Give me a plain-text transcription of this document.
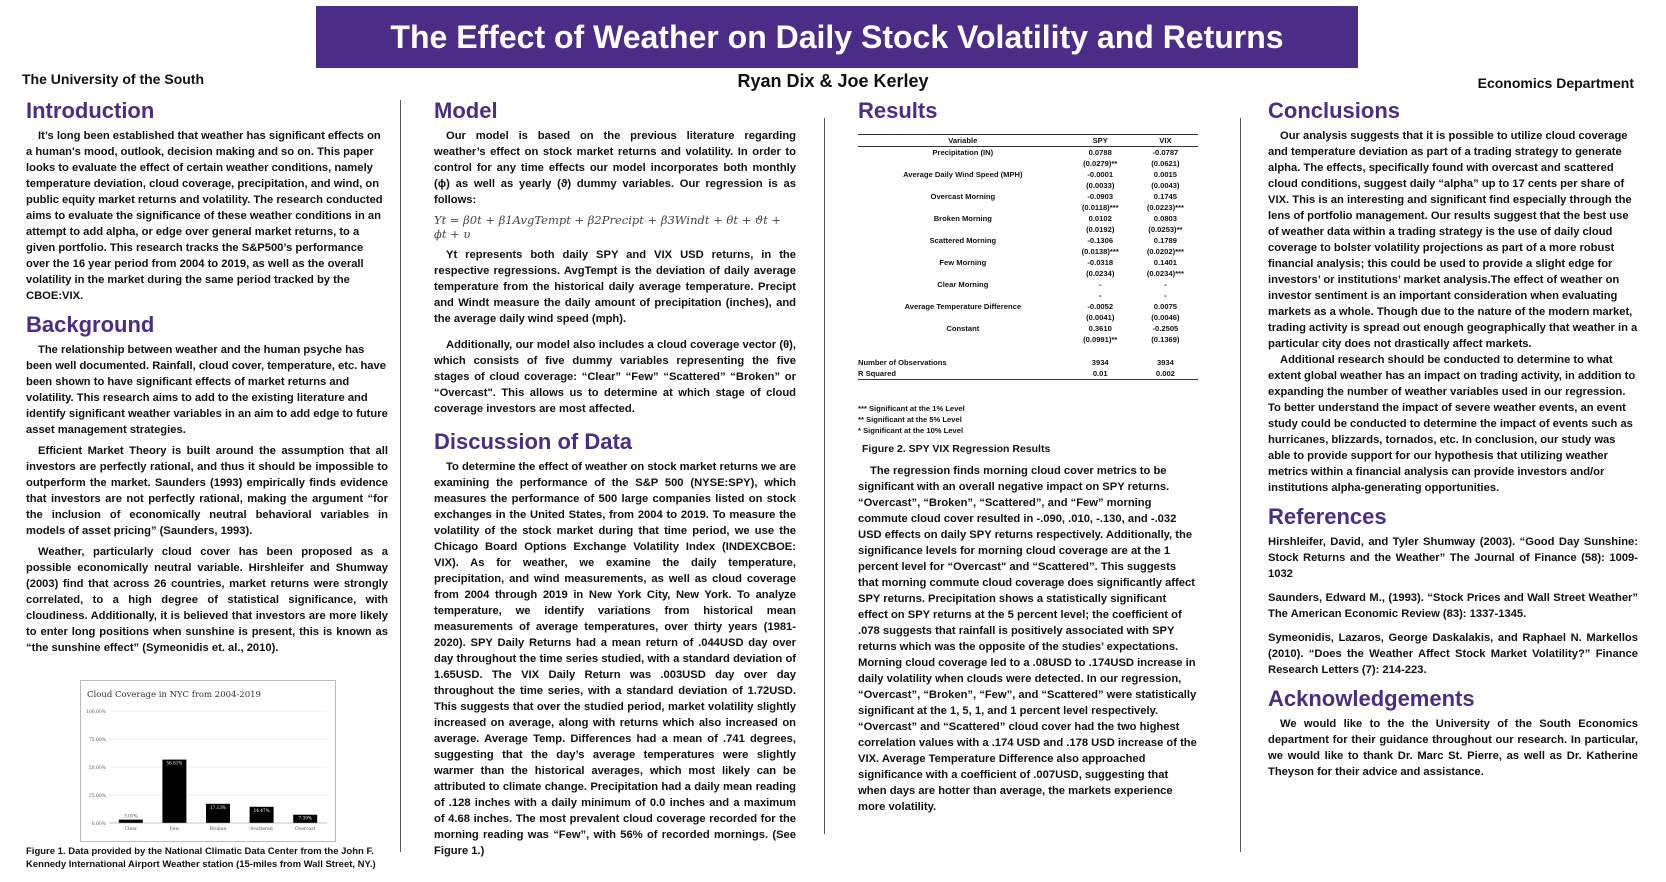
The Effect of Weather on Daily Stock Volatility and Returns
The University of the South	Ryan Dix & Joe Kerley	Economics Department
Introduction

It’s long been established that weather has significant effects on a human's mood, outlook, decision making and so on. This paper looks to evaluate the effect of certain weather conditions, namely temperature deviation, cloud coverage, precipitation, and wind, on public equity market returns and volatility. The research conducted aims to evaluate the significance of these weather conditions in an attempt to add alpha, or edge over general market returns, to a given portfolio. This research tracks the S&P500’s performance over the 16 year period from 2004 to 2019, as well as the overall volatility in the market during the same period tracked by the CBOE:VIX.

Background

The relationship between weather and the human psyche has been well documented. Rainfall, cloud cover, temperature, etc. have been shown to have significant effects of market returns and volatility. This research aims to add to the existing literature and identify significant weather variables in an aim to add edge to future asset management strategies.

Efficient Market Theory is built around the assumption that all investors are perfectly rational, and thus it should be impossible to outperform the market. Saunders (1993) empirically finds evidence that investors are not perfectly rational, making the argument “for the inclusion of economically neutral behavioral variables in models of asset pricing” (Saunders, 1993).

Weather, particularly cloud cover has been proposed as a possible economically neutral variable. Hirshleifer and Shumway (2003) find that across 26 countries, market returns were strongly correlated, to a high degree of statistical significance, with cloudiness. Additionally, it is believed that investors are more likely to enter long positions when sunshine is present, this is known as “the sunshine effect” (Symeonidis et. al., 2010).

Cloud Coverage in NYC from 2004-2019
0.00%
25.00%
50.00%
75.00%
100.00%
3.01%
Clear
56.61%
Few
17.13%
Broken
14.47%
Scattered
7.39%
Overcast
Figure 1. Data provided by the National Climatic Data Center from the John F. Kennedy International Airport Weather station (15-miles from Wall Street, NY.)
Model

Our model is based on the previous literature regarding weather’s effect on stock market returns and volatility. In order to control for any time effects our model incorporates both monthly (ϕ) as well as yearly (ϑ) dummy variables. Our regression is as follows:

Yt = β0t + β1AvgTempt + β2Precipt + β3Windt + θt + ϑt + ϕt + υ

Yt represents both daily SPY and VIX USD returns, in the respective regressions. AvgTempt is the deviation of daily average temperature from the historical daily average temperature. Precipt and Windt measure the daily amount of precipitation (inches), and the average daily wind speed (mph).

Additionally, our model also includes a cloud coverage vector (θ), which consists of five dummy variables representing the five stages of cloud coverage: “Clear” “Few” “Scattered” “Broken” or “Overcast". This allows us to determine at which stage of cloud coverage investors are most affected.

Discussion of Data

To determine the effect of weather on stock market returns we are examining the performance of the S&P 500 (NYSE:SPY), which measures the performance of 500 large companies listed on stock exchanges in the United States, from 2004 to 2019. To measure the volatility of the stock market during that time period, we use the Chicago Board Options Exchange Volatility Index (INDEXCBOE: VIX). As for weather, we examine the daily temperature, precipitation, and wind measurements, as well as cloud coverage from 2004 through 2019 in New York City, New York. To analyze temperature, we identify variations from historical mean measurements of average temperatures, over thirty years (1981-2020). SPY Daily Returns had a mean return of .044USD day over day throughout the time series studied, with a standard deviation of 1.65USD. The VIX Daily Return was .003USD day over day throughout the time series, with a standard deviation of 1.72USD. This suggests that over the studied period, market volatility slightly increased on average, along with returns which also increased on average. Average Temp. Differences had a mean of .741 degrees, suggesting that the day’s average temperatures were slightly warmer than the historical averages, which most likely can be attributed to climate change. Precipitation had a daily mean reading of .128 inches with a daily minimum of 0.0 inches and a maximum of 4.68 inches. The most prevalent cloud coverage recorded for the morning reading was “Few”, with 56% of recorded mornings. (See Figure 1.)

Results
Variable	SPY	VIX
Precipitation (IN)	0.0788	-0.0787
	(0.0279)**	(0.0621)
Average Daily Wind Speed (MPH)	-0.0001	0.0015
	(0.0033)	(0.0043)
Overcast Morning	-0.0903	0.1745
	(0.0118)***	(0.0223)***
Broken Morning	0.0102	0.0803
	(0.0192)	(0.0253)**
Scattered Morning	-0.1306	0.1789
	(0.0138)***	(0.0202)***
Few Morning	-0.0318	0.1401
	(0.0234)	(0.0234)***
Clear Morning	-	-
	-	-
Average Temperature Difference	-0.0052	0.0075
	(0.0041)	(0.0046)
Constant	0.3610	-0.2505
	(0.0991)**	(0.1369)

Number of Observations	3934	3934
R Squared	0.01	0.002
*** Significant at the 1% Level
** Significant at the 5% Level
* Significant at the 10% Level
Figure 2. SPY VIX Regression Results

The regression finds morning cloud cover metrics to be significant with an overall negative impact on SPY returns. “Overcast”, “Broken”, “Scattered”, and “Few” morning commute cloud cover resulted in -.090, .010, -.130, and -.032 USD effects on daily SPY returns respectively. Additionally, the significance levels for morning cloud coverage are at the 1 percent level for “Overcast" and “Scattered”. This suggests that morning commute cloud coverage does significantly affect SPY returns. Precipitation shows a statistically significant effect on SPY returns at the 5 percent level; the coefficient of .078 suggests that rainfall is positively associated with SPY returns which was the opposite of the studies’ expectations. Morning cloud coverage led to a .08USD to .174USD increase in daily volatility when clouds were detected. In our regression, “Overcast”, “Broken”, “Few”, and “Scattered” were statistically significant at the 1, 5, 1, and 1 percent level respectively. “Overcast” and “Scattered” cloud cover had the two highest correlation values with a .174 USD and .178 USD increase of the VIX. Average Temperature Difference also approached significance with a coefficient of .007USD, suggesting that when days are hotter than average, the markets experience more volatility.

Conclusions

Our analysis suggests that it is possible to utilize cloud coverage and temperature deviation as part of a trading strategy to generate alpha. The effects, specifically found with overcast and scattered cloud conditions, suggest daily “alpha” up to 17 cents per share of VIX. This is an interesting and significant find especially through the lens of portfolio management. Our results suggest that the best use of weather data within a trading strategy is the use of daily cloud coverage to bolster volatility projections as part of a more robust financial analysis; this could be used to provide a slight edge for investors’ or institutions’ market analysis.The effect of weather on investor sentiment is an important consideration when evaluating markets as a whole. Though due to the nature of the modern market, trading activity is spread out enough geographically that weather in a particular city does not drastically affect markets.

Additional research should be conducted to determine to what extent global weather has an impact on trading activity, in addition to expanding the number of weather variables used in our regression. To better understand the impact of severe weather events, an event study could be conducted to determine the impact of events such as hurricanes, blizzards, tornados, etc. In conclusion, our study was able to provide support for our hypothesis that utilizing weather metrics within a financial analysis can provide investors and/or institutions alpha-generating opportunities.

References

Hirshleifer, David, and Tyler Shumway (2003). “Good Day Sunshine: Stock Returns and the Weather” The Journal of Finance (58): 1009-1032

Saunders, Edward M., (1993). “Stock Prices and Wall Street Weather” The American Economic Review (83): 1337-1345.

Symeonidis, Lazaros, George Daskalakis, and Raphael N. Markellos (2010). “Does the Weather Affect Stock Market Volatility?” Finance Research Letters (7): 214-223.

Acknowledgements

We would like to the the University of the South Economics department for their guidance throughout our research. In particular, we would like to thank Dr. Marc St. Pierre, as well as Dr. Katherine Theyson for their advice and assistance.
